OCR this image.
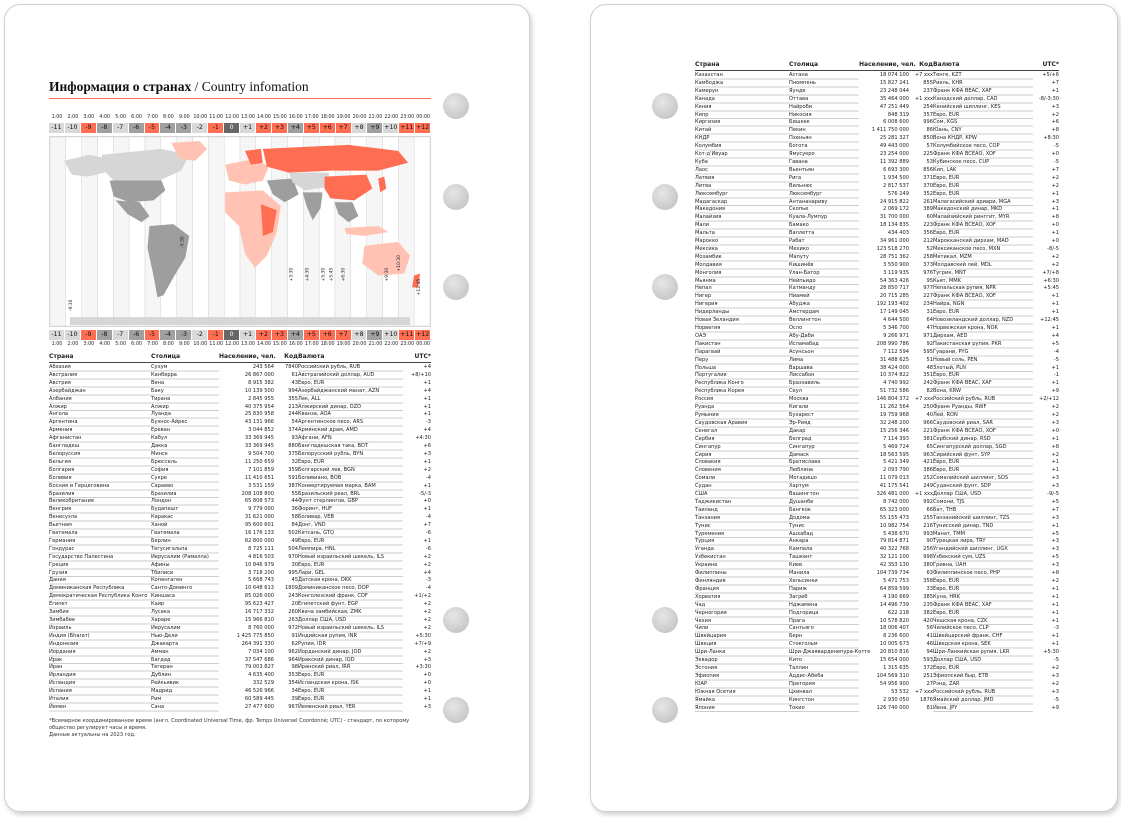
Информация о странах / Country infomation
1:00	2:00	3:00	4:00	5:00	6:00	7:00	8:00	9:00 10:00 11:00 12:00 13:00 14:00 15:00 16:00 17:00 18:00 19:00 20:00 21:00 22:00 23:00 00:00
-11 -10	-9	-8	-7	-6	-5	-4	-3	-2	-1	0	+1	+2	+3	+4	+5	+6	+7	+8	+9 +10 +11 +12
+3:30 +4:30 +5:30 +5:45 +6:30	+9:30
+10:30
-3:30
-9:30
+12:45
-11 -10	-9	-8	-7	-6	-5	-4	-3	-2	-1	0	+1	+2	+3	+4	+5	+6	+7	+8	+9 +10 +11 +12
1:00	2:00	3:00	4:00	5:00	6:00	7:00	8:00	9:00 10:00 11:00 12:00 13:00 14:00 15:00 16:00 17:00 18:00 19:00 20:00 21:00 22:00 23:00 00:00
Страна	Столица	Население, чел.	Код Валюта	UTC*
Абхазия	Сухум	243 564	7840 Российский рубль, RUB	+4
Австралия	Канберра	26 867 000	61 Австралийский доллар, AUD	+8/+10
Австрия	Вена	8 915 382	43 Евро, EUR	+1
Азербайджан	Баку	10 139 500	994 Азербайджанский манат, AZN	+4
Албания	Тирана	2 845 955	355 Лек, ALL	+1
Алжир	Алжир	40 375 954	213 Алжирский динар, DZD	+1
Ангола	Луанда	25 830 958	244 Кванза, AOA	+1
Аргентина	Буэнос-Айрес	43 131 966	54 Аргентинское песо, ARS	-3
Армения	Ереван	3 044 852	374 Армянский драм, AMD	+4
Афганистан	Кабул	33 369 945	93 Афгани, AFN	+4:30
Бангладеш	Дакка	33 369 945	880 Бангладешская така, BDT	+6
Белоруссия	Минск	9 504 700	375 Белорусский рубль, BYN	+3
Бельгия	Брюссель	11 250 659	32 Евро, EUR	+1
Болгария	София	7 101 859	359 Болгарский лев, BGN	+2
Боливия	Сукре	11 410 651	591 Боливиано, BOB	-4
Босния и Герцеговина	Сараево	3 531 159	387 Конвертируемая марка, BAM	+1
Бразилия	Бразилиа	208 108 800	55 Бразильский реал, BRL	-5/-3
Великобритания	Лондон	65 808 573	44 Фунт стерлингов, GBP	+0
Венгрия	Будапешт	9 779 000	36 Форинт, HUF	+1
Венесуэла	Каракас	31 621 000	58 Боливар, VEB	-4
Вьетнам	Ханой	95 600 601	84 Донг, VND	+7
Гватемала	Гватемала	16 176 133	502 Кетсаль, GTQ	-6
Германия	Берлин	82 800 000	49 Евро, EUR	+1
Гондурас	Тегусигальпа	8 725 111	504 Лемпира, HNL	-6
Государство Палестина	Иерусалим (Рамалла)	4 816 503	970 Новый израильский шекель, ILS	+2
Греция	Афины	10 846 979	30 Евро, EUR	+2
Грузия	Тбилиси	3 718 200	995 Лари, GEL	+4
Дания	Копенгаген	5 668 743	45 Датская крона, DKK	-3
Доминиканская Республика	Санто-Доминго	10 648 613	1809 Доминиканское песо, DOP	-4
Демократическая Республика Конго Киншаса	85 026 000	243 Конголезский франк, CDF	+1/+2
Египет	Каир	95 623 427	20 Египетский фунт, EGP	+2
Замбия	Лусака	16 717 332	260 Квача замбийская, ZMK	+2
Зимбабве	Хараре	15 966 810	263 Доллар США, USD	+2
Израиль	Иерусалим	8 760 000	972 Новый израильский шекель, ILS	+2
Индия (Бharат)	Нью-Дели	1 425 775 850	91 Индийская рупия, INR	+5:30
Индонезия	Джакарта	264 391 330	62 Рупия, IDR	+7/+9
Иордания	Амман	7 034 100	962 Иорданский динар, JOD	+2
Ирак	Багдад	37 547 686	964 Иракский динар, IQD	+3
Иран	Тегеран	79 003 827	98 Иранский риал, IRR	+3:30
Ирландия	Дублин	4 635 400	353 Евро, EUR	+0
Исландия	Рейкьявик	332 529	354 Исландская крона, ISK	+0
Испания	Мадрид	46 526 966	34 Евро, EUR	+1
Италия	Рим	60 589 445	39 Евро, EUR	+1
Йемен	Сана	27 477 600	967 Йеменский риал, YER	+3
*Всемирное координированное время (англ. Coordinated Universal Time, фр. Temps Universel Coordonné; UTC) - стандарт, по которому общество регулирует часы и время.
Данные актуальны на 2023 год.
Страна	Столица	Население, чел. Код Валюта	UTC*
Казахстан	Астана	18 074 100	+7 xxx Тенге, KZT	+5/+6
Камбоджа	Пномпень	15 827 241	855 Риель, KHR	+7
Камерун	Яунде	23 248 044	237 Франк КФА BEAC, XAF	+1
Канада	Оттава	35 464 000	+1 xxx Канадский доллар, CAD	-8/-3:30
Кения	Найроби	47 251 449	254 Кенийский шиллинг, KES	+3
Кипр	Никосия	848 319	357 Евро, EUR	+2
Киргизия	Бишкек	6 008 600	996 Сом, KGS	+6
Китай	Пекин	1 411 750 000	86 Юань, CNY	+8
КНДР	Пхеньян	25 281 327	850 Вона КНДР, KPW	+8:30
Колумбия	Богота	49 443 000	57 Колумбийское песо, COP	-5
Кот-д'Ивуар	Ямусукро	23 254 000	225 Франк КФА BCEAO, XOF	+0
Куба	Гавана	11 392 889	53 Кубинское песо, CUP	-5
Лаос	Вьентьян	6 693 300	856 Кип, LAK	+7
Латвия	Рига	1 934 500	371 Евро, EUR	+2
Литва	Вильнюс	2 817 537	370 Евро, EUR	+2
Люксембург	Люксембург	576 249	352 Евро, EUR	+1
Мадагаскар	Антананариву	24 915 822	261 Малагасийский ариари, MGA	+3
Македония	Скопье	2 069 172	389 Македонский динар, MKD	+1
Малайзия	Куала-Лумпур	31 700 000	60 Малайзийский ринггит, MYR	+8
Мали	Бамако	18 134 835	223 Франк КФА BCEAO, XOF	+0
Мальта	Валлетта	434 403	356 Евро, EUR	+1
Марокко	Рабат	34 961 000	212 Марокканский дирхам, MAD	+0
Мексика	Мехико	123 518 270	52 Мексиканское песо, MXN	-8/-5
Мозамбик	Мапуту	28 751 362	258 Метикал, MZM	+2
Молдавия	Кишинёв	3 550 900	373 Молдавский лей, MDL	+2
Монголия	Улан-Батор	3 119 935	976 Тугрик, MNT	+7/+8
Мьянма	Нейпьидо	54 363 426	95 Кьят, MMK	+6:30
Непал	Катманду	28 850 717	977 Непальская рупия, NPR	+5:45
Нигер	Ниамей	20 715 285	227 Франк КФА BCEAO, XOF	+1
Нигерия	Абуджа	192 193 402	234 Найра, NGN	+1
Нидерланды	Амстердам	17 149 045	31 Евро, EUR	+1
Новая Зеландия	Веллингтон	4 644 500	64 Новозеландский доллар, NZD	+12:45
Норвегия	Осло	5 346 700	47 Норвежская крона, NOK	+1
ОАЭ	Абу-Даби	9 266 971	971 Дирхам, AED	+4
Пакистан	Исламабад	208 990 786	92 Пакистанская рупия, PKR	+5
Парагвай	Асунсьон	7 112 594	595 Гуарани, PYG	-4
Перу	Лима	31 488 625	51 Новый соль, PEN	-5
Польша	Варшава	38 424 000	48 Злотый, PLN	+1
Португалия	Лиссабон	10 374 822	351 Евро, EUR	-1
Республика Конго	Браззавиль	4 740 992	242 Франк КФА BEAC, XAF	+1
Республика Корея	Сеул	51 732 586	82 Вона, KRW	+9
Россия	Москва	146 804 372	+7 xxx Российский рубль, RUB	+2/+12
Руанда	Кигали	11 262 564	250 Франк Руанды, RWF	+2
Румыния	Бухарест	19 759 968	40 Лей, RON	+2
Саудовская Аравия	Эр-Рияд	32 248 200	966 Саудовский риал, SAR	+3
Сенегал	Дакар	15 256 346	221 Франк КФА BCEAO, XOF	+0
Сербия	Белград	7 114 393	381 Сербский динар, RSD	+1
Сингапур	Сингапур	5 469 724	65 Сингапурский доллар, SGD	+8
Сирия	Дамаск	18 563 595	963 Сирийский фунт, SYP	+2
Словакия	Братислава	5 421 349	421 Евро, EUR	+1
Словения	Любляна	2 093 790	386 Евро, EUR	+1
Сомали	Могадишо	11 079 013	252 Сомалийский шиллинг, SOS	+3
Судан	Хартум	41 175 541	249 Суданский фунт, SDP	+3
США	Вашингтон	326 481 000	+1 xxx Доллар США, USD	-9/-5
Таджикистан	Душанбе	8 742 000	992 Сомони, TJS	+5
Таиланд	Бангкок	65 323 000	66 Бат, THB	+7
Танзания	Додома	55 155 473	255 Танзанийский шиллинг, TZS	+3
Тунис	Тунис	10 982 754	216 Тунисский динар, TND	+1
Туркмения	Ашхабад	5 438 670	993 Манат, TMM	+5
Турция	Анкара	79 814 871	90 Турецкая лира, TRY	+3
Уганда	Кампала	40 322 768	256 Угандийский шиллинг, UGX	+3
Узбекистан	Ташкент	32 121 100	998 Узбекский сум, UZS	+5
Украина	Киев	42 353 130	380 Гривна, UAH	+3
Филиппины	Манила	104 739 734	63 Филиппинское песо, PHP	+8
Финляндия	Хельсинки	5 471 753	358 Евро, EUR	+2
Франция	Париж	64 859 599	33 Евро, EUR	+1
Хорватия	Загреб	4 190 669	385 Куна, HRK	+1
Чад	Нджамена	14 496 739	235 Франк КФА BEAC, XAF	+1
Черногория	Подгорица	622 218	382 Евро, EUR	+1
Чехия	Прага	10 578 820	420 Чешская крона, CZK	+1
Чили	Сантьяго	18 006 407	56 Чилийское песо, CLP	-3
Швейцария	Берн	8 236 600	41 Швейцарский франк, CHF	+1
Швеция	Стокгольм	10 005 673	46 Шведская крона, SEK	+1
Шри-Ланка	Шри-Джаяварденепура-Котте	20 810 816	94 Шри-Ланкийская рупия, LKR	+5:30
Эквадор	Кито	15 654 000	593 Доллар США, USD	-5
Эстония	Таллин	1 315 635	372 Евро, EUR	+2
Эфиопия	Аддис-Абеба	104 569 310	251 Эфиопский быр, ETB	+3
ЮАР	Претория	54 956 900	27 Рэнд, ZAR	+2
Южная Осетия	Цхинвал	53 532	+7 xxx Российский рубль, RUB	+3
Ямайка	Кингстон	2 930 050	1876 Ямайский доллар, JMD	-5
Япония	Токио	126 740 000	81 Иена, JPY	+9
